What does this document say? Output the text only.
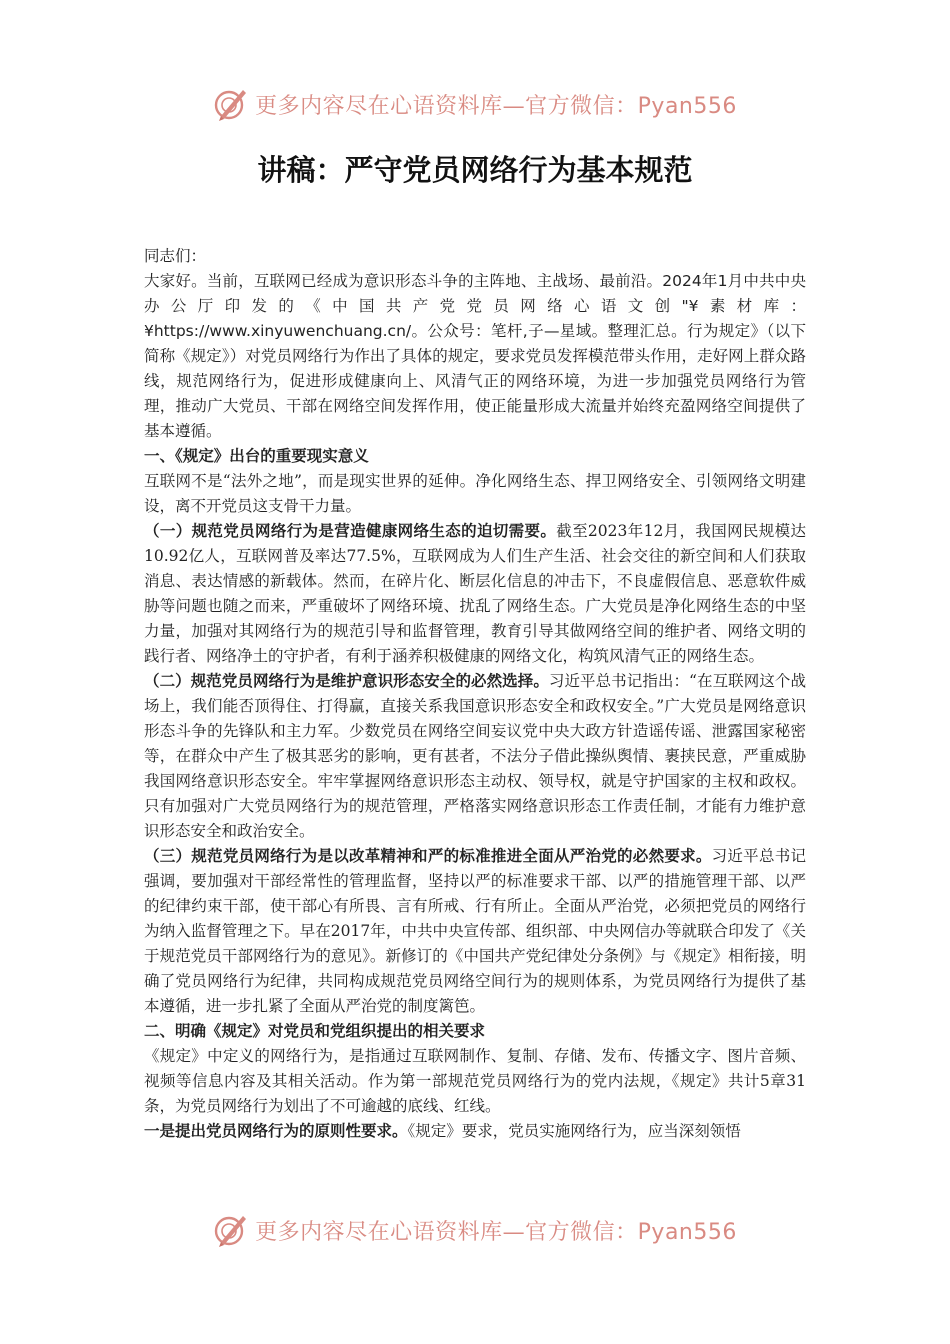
更多内容尽在心语资料库—官方微信：Pyan556
讲稿：严守党员网络行为基本规范

同志们：

大家好。当前，互联网已经成为意识形态斗争的主阵地、主战场、最前沿。2024年1月中共中央办公厅印发的《中国共产党党员网络心语文创"¥素材库：¥https://www.xinyuwenchuang.cn/。公众号：笔杆,子—星域。整理汇总。行为规定》（以下简称《规定》）对党员网络行为作出了具体的规定，要求党员发挥模范带头作用，走好网上群众路线，规范网络行为，促进形成健康向上、风清气正的网络环境，为进一步加强党员网络行为管理，推动广大党员、干部在网络空间发挥作用，使正能量形成大流量并始终充盈网络空间提供了基本遵循。

一、《规定》出台的重要现实意义

互联网不是“法外之地”，而是现实世界的延伸。净化网络生态、捍卫网络安全、引领网络文明建设，离不开党员这支骨干力量。

（一）规范党员网络行为是营造健康网络生态的迫切需要。截至2023年12月，我国网民规模达10.92亿人，互联网普及率达77.5%，互联网成为人们生产生活、社会交往的新空间和人们获取消息、表达情感的新载体。然而，在碎片化、断层化信息的冲击下，不良虚假信息、恶意软件威胁等问题也随之而来，严重破坏了网络环境、扰乱了网络生态。广大党员是净化网络生态的中坚力量，加强对其网络行为的规范引导和监督管理，教育引导其做网络空间的维护者、网络文明的践行者、网络净土的守护者，有利于涵养积极健康的网络文化，构筑风清气正的网络生态。

（二）规范党员网络行为是维护意识形态安全的必然选择。习近平总书记指出：“在互联网这个战场上，我们能否顶得住、打得赢，直接关系我国意识形态安全和政权安全。”广大党员是网络意识形态斗争的先锋队和主力军。少数党员在网络空间妄议党中央大政方针造谣传谣、泄露国家秘密等，在群众中产生了极其恶劣的影响，更有甚者，不法分子借此操纵舆情、裹挟民意，严重威胁我国网络意识形态安全。牢牢掌握网络意识形态主动权、领导权，就是守护国家的主权和政权。只有加强对广大党员网络行为的规范管理，严格落实网络意识形态工作责任制，才能有力维护意识形态安全和政治安全。

（三）规范党员网络行为是以改革精神和严的标准推进全面从严治党的必然要求。习近平总书记强调，要加强对干部经常性的管理监督，坚持以严的标准要求干部、以严的措施管理干部、以严的纪律约束干部，使干部心有所畏、言有所戒、行有所止。全面从严治党，必须把党员的网络行为纳入监督管理之下。早在2017年，中共中央宣传部、组织部、中央网信办等就联合印发了《关于规范党员干部网络行为的意见》。新修订的《中国共产党纪律处分条例》与《规定》相衔接，明确了党员网络行为纪律，共同构成规范党员网络空间行为的规则体系，为党员网络行为提供了基本遵循，进一步扎紧了全面从严治党的制度篱笆。

二、明确《规定》对党员和党组织提出的相关要求

《规定》中定义的网络行为，是指通过互联网制作、复制、存储、发布、传播文字、图片音频、视频等信息内容及其相关活动。作为第一部规范党员网络行为的党内法规，《规定》共计5章31条，为党员网络行为划出了不可逾越的底线、红线。

一是提出党员网络行为的原则性要求。《规定》要求，党员实施网络行为，应当深刻领悟

更多内容尽在心语资料库—官方微信：Pyan556
